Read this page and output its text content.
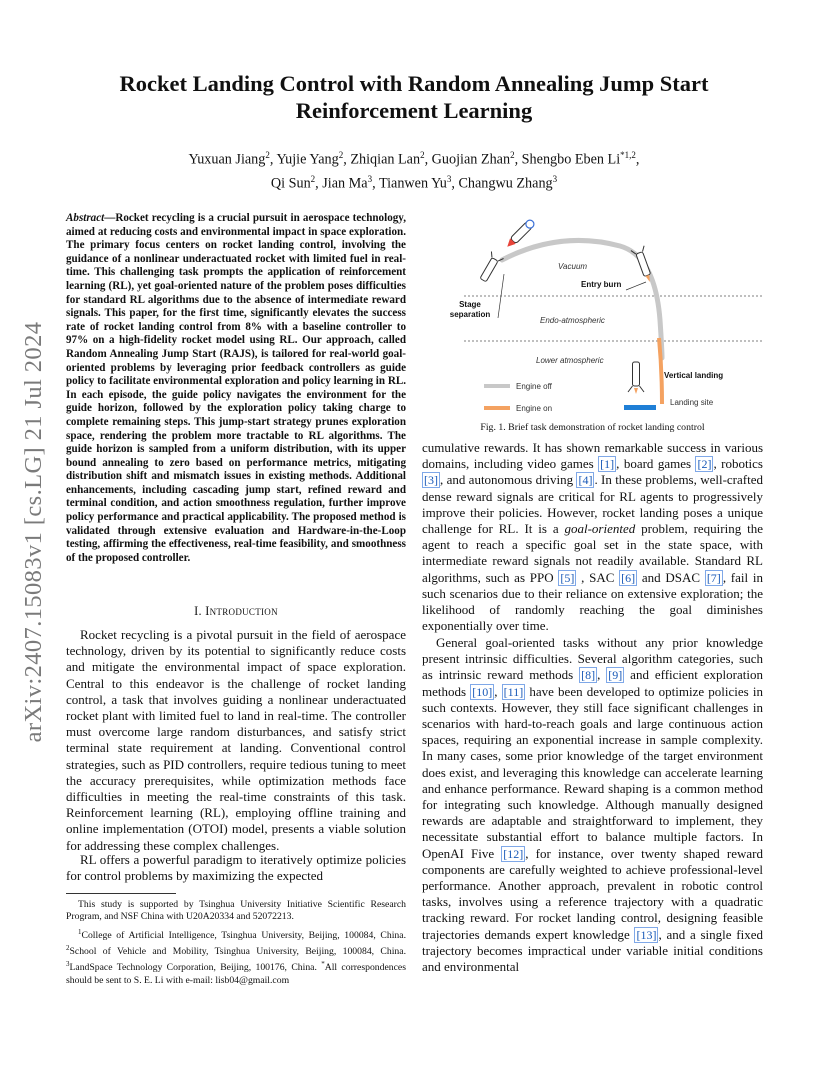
arXiv:2407.15083v1 [cs.LG] 21 Jul 2024
Rocket Landing Control with Random Annealing Jump Start Reinforcement Learning
Yuxuan Jiang$^2$, Yujie Yang$^2$, Zhiqian Lan$^2$, Guojian Zhan$^2$, Shengbo Eben Li$^{*1,2}$,
Qi Sun$^2$, Jian Ma$^3$, Tianwen Yu$^3$, Changwu Zhang$^3$
Abstract—Rocket recycling is a crucial pursuit in aerospace technology, aimed at reducing costs and environmental impact in space exploration. The primary focus centers on rocket landing control, involving the guidance of a nonlinear underactuated rocket with limited fuel in real-time. This challenging task prompts the application of reinforcement learning (RL), yet goal-oriented nature of the problem poses difficulties for standard RL algorithms due to the absence of intermediate reward signals. This paper, for the first time, significantly elevates the success rate of rocket landing control from 8% with a baseline controller to 97% on a high-fidelity rocket model using RL. Our approach, called Random Annealing Jump Start (RAJS), is tailored for real-world goal-oriented problems by leveraging prior feedback controllers as guide policy to facilitate environmental exploration and policy learning in RL. In each episode, the guide policy navigates the environment for the guide horizon, followed by the exploration policy taking charge to complete remaining steps. This jump-start strategy prunes exploration space, rendering the problem more tractable to RL algorithms. The guide horizon is sampled from a uniform distribution, with its upper bound annealing to zero based on performance metrics, mitigating distribution shift and mismatch issues in existing methods. Additional enhancements, including cascading jump start, refined reward and terminal condition, and action smoothness regulation, further improve policy performance and practical applicability. The proposed method is validated through extensive evaluation and Hardware-in-the-Loop testing, affirming the effectiveness, real-time feasibility, and smoothness of the proposed controller.
I. Introduction
Rocket recycling is a pivotal pursuit in the field of aerospace technology, driven by its potential to significantly reduce costs and mitigate the environmental impact of space exploration. Central to this endeavor is the challenge of rocket landing control, a task that involves guiding a nonlinear underactuated rocket plant with limited fuel to land in real-time. The controller must overcome large random disturbances, and satisfy strict terminal state requirement at landing. Conventional control strategies, such as PID controllers, require tedious tuning to meet the accuracy prerequisites, while optimization methods face difficulties in meeting the real-time constraints of this task. Reinforcement learning (RL), employing offline training and online implementation (OTOI) model, presents a viable solution for addressing these complex challenges.
RL offers a powerful paradigm to iteratively optimize policies for control problems by maximizing the expected

This study is supported by Tsinghua University Initiative Scientific Research Program, and NSF China with U20A20334 and 52072213.

$^1$College of Artificial Intelligence, Tsinghua University, Beijing, 100084, China. $^2$School of Vehicle and Mobility, Tsinghua University, Beijing, 100084, China. $^3$LandSpace Technology Corporation, Beijing, 100176, China. *All correspondences should be sent to S. E. Li with e-mail: lisb04@gmail.com

Vacuum
Entry burn
Endo-atmospheric
Lower atmospheric
Vertical landing
Landing site
Engine off
Engine on
Stage separation
Fig. 1. Brief task demonstration of rocket landing control
cumulative rewards. It has shown remarkable success in various domains, including video games [1] , board games [2] , robotics [3] , and autonomous driving [4] . In these problems, well-crafted dense reward signals are critical for RL agents to progressively improve their policies. However, rocket landing poses a unique challenge for RL. It is a goal-oriented problem, requiring the agent to reach a specific goal set in the state space, with intermediate reward signals not readily available. Standard RL algorithms, such as PPO [5] , SAC [6] and DSAC [7] , fail in such scenarios due to their reliance on extensive exploration; the likelihood of randomly reaching the goal diminishes exponentially over time.
General goal-oriented tasks without any prior knowledge present intrinsic difficulties. Several algorithm categories, such as intrinsic reward methods [8] , [9] and efficient exploration methods [10] , [11] have been developed to optimize policies in such contexts. However, they still face significant challenges in scenarios with hard-to-reach goals and large continuous action spaces, requiring an exponential increase in sample complexity. In many cases, some prior knowledge of the target environment does exist, and leveraging this knowledge can accelerate learning and enhance performance. Reward shaping is a common method for integrating such knowledge. Although manually designed rewards are adaptable and straightforward to implement, they necessitate substantial effort to balance multiple factors. In OpenAI Five [12] , for instance, over twenty shaped reward components are carefully weighted to achieve professional-level performance. Another approach, prevalent in robotic control tasks, involves using a reference trajectory with a quadratic tracking reward. For rocket landing control, designing feasible trajectories demands expert knowledge [13] , and a single fixed trajectory becomes impractical under variable initial conditions and environmental
